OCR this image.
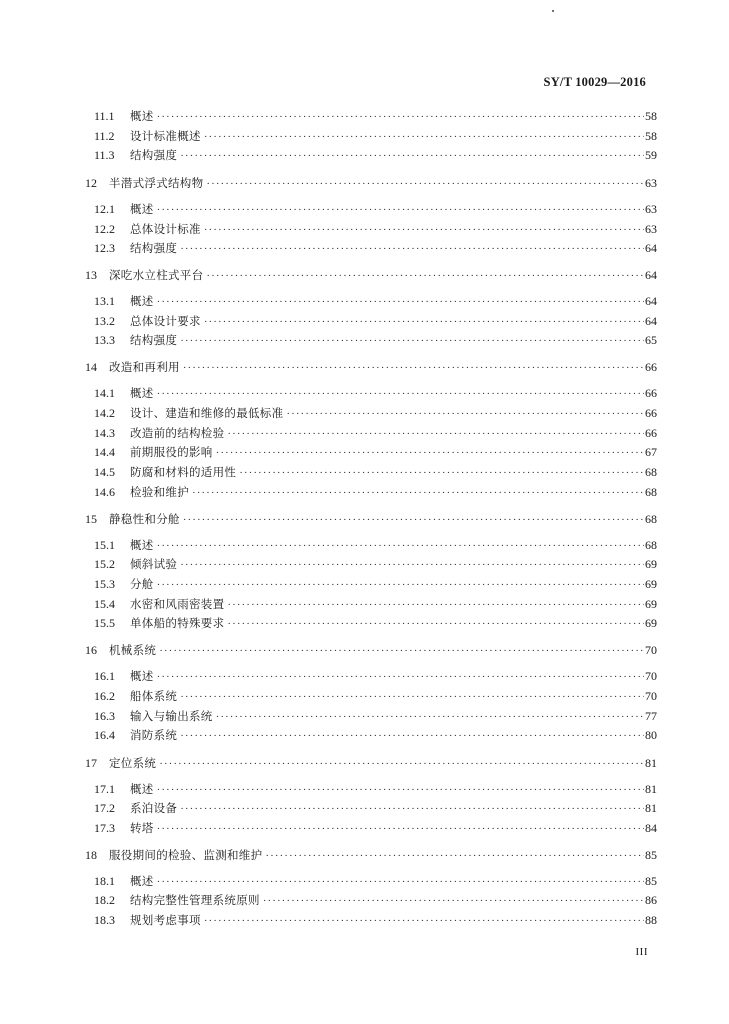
SY/T 10029—2016
11.1	概述 ·····	58
11.2	设计标准概述 ·····	58
11.3	结构强度 ·····	59
12	半潜式浮式结构物 ·····	63
12.1	概述 ·····	63
12.2	总体设计标准 ·····	63
12.3	结构强度 ·····	64
13	深吃水立柱式平台 ·····	64
13.1	概述 ·····	64
13.2	总体设计要求 ·····	64
13.3	结构强度 ·····	65
14	改造和再利用 ·····	66
14.1	概述 ·····	66
14.2	设计、建造和维修的最低标准 ·····	66
14.3	改造前的结构检验 ·····	66
14.4	前期服役的影响 ·····	67
14.5	防腐和材料的适用性 ·····	68
14.6	检验和维护 ·····	68
15	静稳性和分舱 ·····	68
15.1	概述 ·····	68
15.2	倾斜试验 ·····	69
15.3	分舱 ·····	69
15.4	水密和风雨密装置 ·····	69
15.5	单体船的特殊要求 ·····	69
16	机械系统 ·····	70
16.1	概述 ·····	70
16.2	船体系统 ·····	70
16.3	输入与输出系统 ·····	77
16.4	消防系统 ·····	80
17	定位系统 ·····	81
17.1	概述 ·····	81
17.2	系泊设备 ·····	81
17.3	转塔 ·····	84
18	服役期间的检验、监测和维护 ·····	85
18.1	概述 ·····	85
18.2	结构完整性管理系统原则 ·····	86
18.3	规划考虑事项 ·····	88
III
